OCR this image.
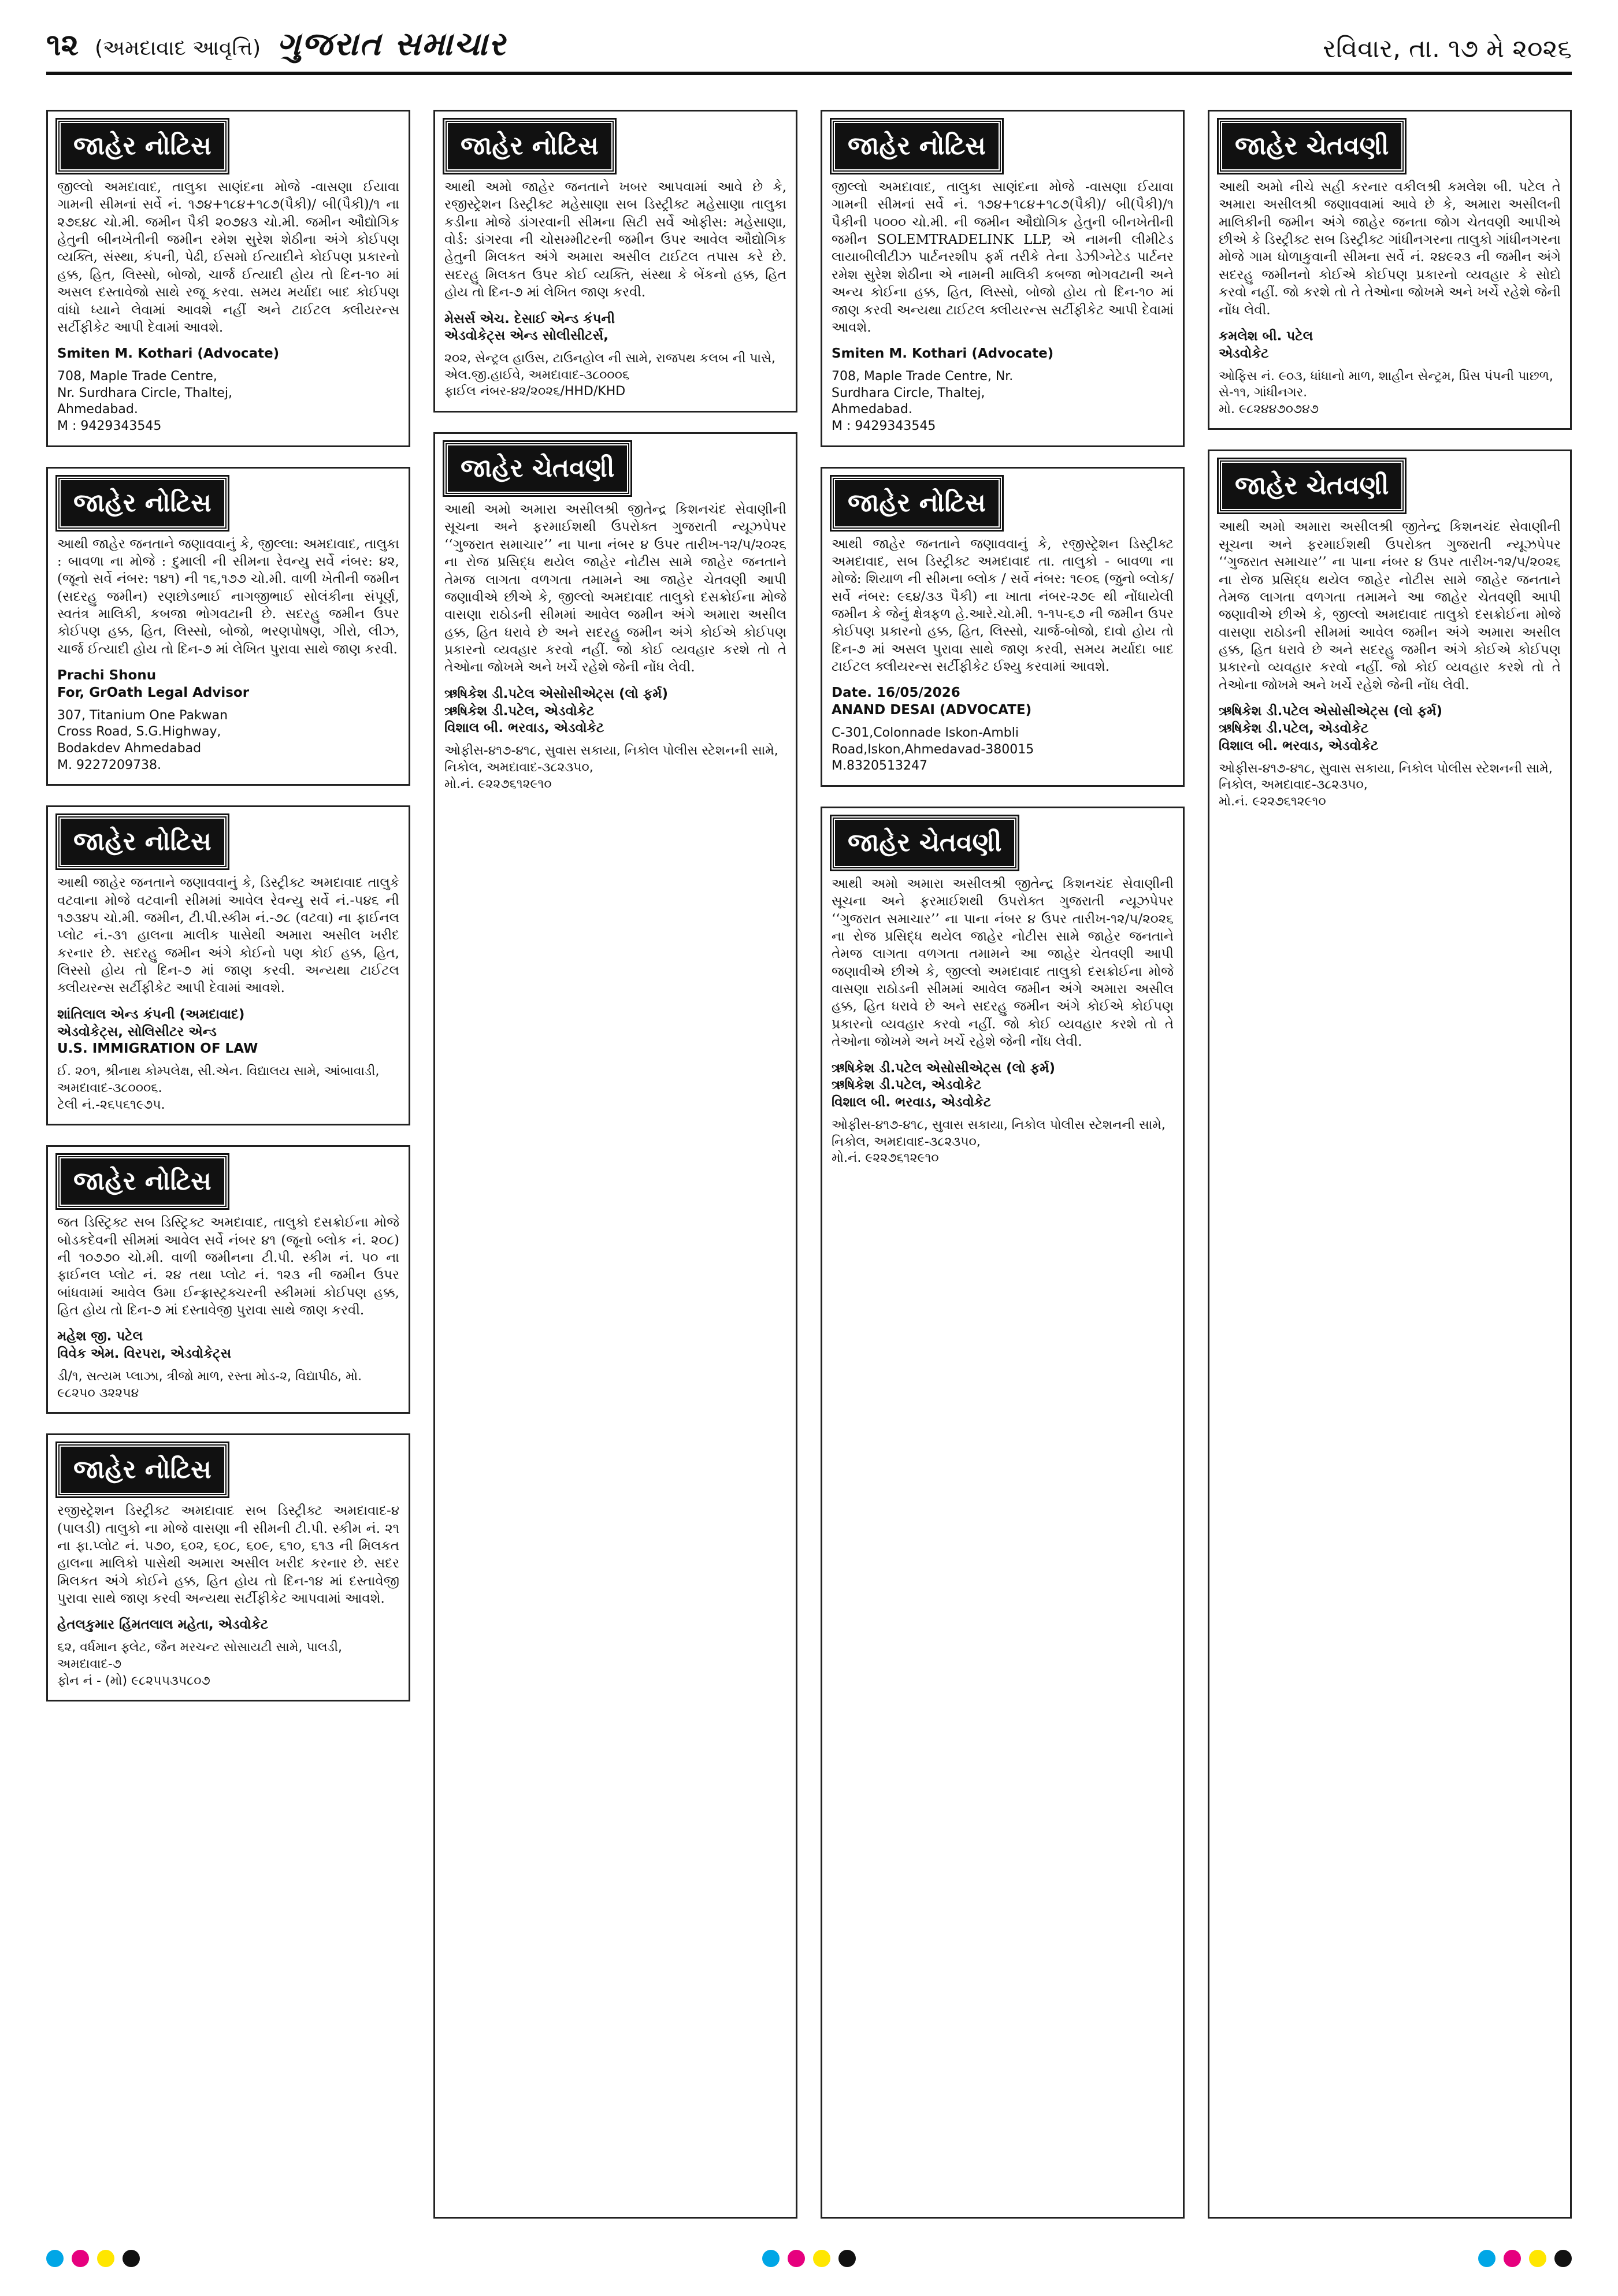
૧૨ (અમદાવાદ આવૃત્તિ) ગુજરાત સમાચાર	રવિવાર, તા. ૧૭ મે ૨૦૨૬
જાહેર નોટિસ

જીલ્લો અમદાવાદ, તાલુકા સાણંદના મોજે -વાસણા ઈયાવા ગામની સીમનાં સર્વે નં. ૧૭૪+૧૮૪+૧૮૭(પૈકી)/ બી(પૈકી)/૧ ના ૨૭૬૪૮ ચો.મી. જમીન પૈકી ૨૦૭૪૩ ચો.મી. જમીન ઔદ્યોગિક હેતુની બીનખેતીની જમીન રમેશ સુરેશ શેઠીના અંગે કોઈપણ વ્યક્તિ, સંસ્થા, કંપની, પેઢી, ઈસમો ઈત્યાદીને કોઈપણ પ્રકારનો હક્ક, હિત, લિસ્સો, બોજો, ચાર્જ ઈત્યાદી હોય તો દિન-૧૦ માં અસલ દસ્તાવેજો સાથે રજૂ કરવા. સમય મર્યાદા બાદ કોઈપણ વાંધો ધ્યાને લેવામાં આવશે નહીં અને ટાઈટલ ક્લીયરન્સ સર્ટીફીકેટ આપી દેવામાં આવશે.

Smiten M. Kothari (Advocate)

708, Maple Trade Centre,
Nr. Surdhara Circle, Thaltej,
Ahmedabad.
M : 9429343545

જાહેર નોટિસ

આથી જાહેર જનતાને જણાવવાનું કે, જીલ્લા: અમદાવાદ, તાલુકા : બાવળા ના મોજે : દુમાલી ની સીમના રેવન્યુ સર્વે નંબર: ૪૨, (જૂનો સર્વે નંબર: ૧૪૧) ની ૧૬,૧૭૭ ચો.મી. વાળી ખેતીની જમીન (સદરહુ જમીન) રણછોડભાઈ નાગજીભાઈ સોલંકીના સંપૂર્ણ, સ્વતંત્ર માલિકી, કબજા ભોગવટાની છે. સદરહુ જમીન ઉપર કોઈપણ હક્ક, હિત, લિસ્સો, બોજો, ભરણપોષણ, ગીરો, લીઝ, ચાર્જ ઈત્યાદી હોય તો દિન-૭ માં લેખિત પુરાવા સાથે જાણ કરવી.

Prachi Shonu
For, GrOath Legal Advisor

307, Titanium One Pakwan
Cross Road, S.G.Highway,
Bodakdev Ahmedabad
M. 9227209738.

જાહેર નોટિસ

આથી જાહેર જનતાને જણાવવાનું કે, ડિસ્ટ્રીક્ટ અમદાવાદ તાલુકે વટવાના મોજે વટવાની સીમમાં આવેલ રેવન્યુ સર્વે નં.-૫૪૬ ની ૧૭૩૪૫ ચો.મી. જમીન, ટી.પી.સ્કીમ નં.-૭૮ (વટવા) ના ફાઈનલ પ્લોટ નં.-૩૧ હાલના માલીક પાસેથી અમારા અસીલ ખરીદ કરનાર છે. સદરહુ જમીન અંગે કોઈનો પણ કોઈ હક્ક, હિત, લિસ્સો હોય તો દિન-૭ માં જાણ કરવી. અન્યથા ટાઈટલ ક્લીયરન્સ સર્ટીફીકેટ આપી દેવામાં આવશે.

શાંતિલાલ એન્ડ કંપની (અમદાવાદ)
એડવોકેટ્સ, સોલિસીટર એન્ડ
U.S. IMMIGRATION OF LAW

ઈ. ૨૦૧, શ્રીનાથ કોમ્પલેક્ષ, સી.એન. વિદ્યાલય સામે, આંબાવાડી,
અમદાવાદ-૩૮૦૦૦૬.
ટેલી નં.-૨૬૫૬૧૯૭૫.

જાહેર નોટિસ

જત ડિસ્ટ્રિક્ટ સબ ડિસ્ટ્રિક્ટ અમદાવાદ, તાલુકો દસક્રોઈના મોજે બોડકદેવની સીમમાં આવેલ સર્વે નંબર ૪૧ (જૂનો બ્લોક નં. ૨૦૮) ની ૧૦૭૭૦ ચો.મી. વાળી જમીનના ટી.પી. સ્કીમ નં. ૫૦ ના ફાઈનલ પ્લોટ નં. ૨૪ તથા પ્લોટ નં. ૧૨૩ ની જમીન ઉપર બાંધવામાં આવેલ ઉમા ઈન્ફ્રાસ્ટ્રક્ચરની સ્કીમમાં કોઈપણ હક્ક, હિત હોય તો દિન-૭ માં દસ્તાવેજી પુરાવા સાથે જાણ કરવી.

મહેશ જી. પટેલ
વિવેક એમ. વિરપરા, એડવોકેટ્સ

ડી/૧, સત્યમ પ્લાઝા, ત્રીજો માળ, રસ્તા મોડ-૨, વિદ્યાપીઠ, મો. ૯૮૨૫૦ ૩૨૨૫૪

જાહેર નોટિસ

રજીસ્ટ્રેશન ડિસ્ટ્રીક્ટ અમદાવાદ સબ ડિસ્ટ્રીક્ટ અમદાવાદ-૪ (પાલડી) તાલુકો ના મોજે વાસણા ની સીમની ટી.પી. સ્કીમ નં. ૨૧ ના ફા.પ્લોટ નં. ૫૭૦, ૬૦૨, ૬૦૮, ૬૦૯, ૬૧૦, ૬૧૩ ની મિલકત હાલના માલિકો પાસેથી અમારા અસીલ ખરીદ કરનાર છે. સદર મિલકત અંગે કોઈને હક્ક, હિત હોય તો દિન-૧૪ માં દસ્તાવેજી પુરાવા સાથે જાણ કરવી અન્યથા સર્ટીફીકેટ આપવામાં આવશે.

હેતલકુમાર હિંમતલાલ મહેતા, એડવોકેટ

૬૨, વર્ધમાન ફ્લેટ, જૈન મરચન્ટ સોસાયટી સામે, પાલડી, અમદાવાદ-૭
ફોન નં - (મો) ૯૮૨૫૫૩૫૮૦૭

જાહેર નોટિસ

આથી અમો જાહેર જનતાને ખબર આપવામાં આવે છે કે, રજીસ્ટ્રેશન ડિસ્ટ્રીક્ટ મહેસાણા સબ ડિસ્ટ્રીક્ટ મહેસાણા તાલુકા કડીના મોજે ડાંગરવાની સીમના સિટી સર્વે ઓફીસ: મહેસાણા, વોર્ડ: ડાંગરવા ની ચોસમ્મીટરની જમીન ઉપર આવેલ ઔદ્યોગિક હેતુની મિલકત અંગે અમારા અસીલ ટાઈટલ તપાસ કરે છે. સદરહુ મિલકત ઉપર કોઈ વ્યક્તિ, સંસ્થા કે બેંકનો હક્ક, હિત હોય તો દિન-૭ માં લેખિત જાણ કરવી.

મેસર્સ એચ. દેસાઈ એન્ડ કંપની
એડવોકેટ્સ એન્ડ સોલીસીટર્સ,

૨૦૨, સેન્ટ્રલ હાઉસ, ટાઉનહોલ ની સામે, રાજપથ કલબ ની પાસે, એલ.જી.હાઈવે, અમદાવાદ-૩૮૦૦૦૬
ફાઈલ નંબર-૪૨/૨૦૨૬/HHD/KHD

જાહેર ચેતવણી

આથી અમો અમારા અસીલશ્રી જીતેન્દ્ર કિશનચંદ સેવાણીની સૂચના અને ફરમાઈશથી ઉપરોક્ત ગુજરાતી ન્યૂઝપેપર ‘‘ગુજરાત સમાચાર’’ ના પાના નંબર ૪ ઉપર તારીખ-૧૨/૫/૨૦૨૬ ના રોજ પ્રસિદ્ધ થયેલ જાહેર નોટીસ સામે જાહેર જનતાને તેમજ લાગતા વળગતા તમામને આ જાહેર ચેતવણી આપી જણાવીએ છીએ કે, જીલ્લો અમદાવાદ તાલુકો દસક્રોઈના મોજે વાસણા રાઠોડની સીમમાં આવેલ જમીન અંગે અમારા અસીલ હક્ક, હિત ધરાવે છે અને સદરહુ જમીન અંગે કોઈએ કોઈપણ પ્રકારનો વ્યવહાર કરવો નહીં. જો કોઈ વ્યવહાર કરશે તો તે તેઓના જોખમે અને ખર્ચે રહેશે જેની નોંધ લેવી.

ઋષિકેશ ડી.પટેલ એસોસીએટ્સ (લો ફર્મ)
ઋષિકેશ ડી.પટેલ, એડવોકેટ
વિશાલ બી. ભરવાડ, એડવોકેટ

ઓફીસ-૪૧૭-૪૧૮, સુવાસ સકાયા, નિકોલ પોલીસ સ્ટેશનની સામે, નિકોલ, અમદાવાદ-૩૮૨૩૫૦,
મો.નં. ૯૨૨૭૬૧૨૯૧૦

જાહેર નોટિસ

જીલ્લો અમદાવાદ, તાલુકા સાણંદના મોજે -વાસણા ઈયાવા ગામની સીમનાં સર્વે નં. ૧૭૪+૧૮૪+૧૮૭(પૈકી)/ બી(પૈકી)/૧ પૈકીની ૫૦૦૦ ચો.મી. ની જમીન ઔદ્યોગિક હેતુની બીનખેતીની જમીન SOLEMTRADELINK LLP, એ નામની લીમીટેડ લાયાબીલીટીઝ પાર્ટનરશીપ ફર્મ તરીકે તેના ડેઝીગ્નેટેડ પાર્ટનર રમેશ સુરેશ શેઠીના એ નામની માલિકી કબજા ભોગવટાની અને અન્ય કોઈના હક્ક, હિત, લિસ્સો, બોજો હોય તો દિન-૧૦ માં જાણ કરવી અન્યથા ટાઈટલ ક્લીયરન્સ સર્ટીફીકેટ આપી દેવામાં આવશે.

Smiten M. Kothari (Advocate)

708, Maple Trade Centre, Nr.
Surdhara Circle, Thaltej,
Ahmedabad.
M : 9429343545

જાહેર નોટિસ

આથી જાહેર જનતાને જણાવવાનું કે, રજીસ્ટ્રેશન ડિસ્ટ્રીક્ટ અમદાવાદ, સબ ડિસ્ટ્રીક્ટ અમદાવાદ તા. તાલુકો - બાવળા ના મોજે: શિયાળ ની સીમના બ્લોક / સર્વે નંબર: ૧૯૦૬ (જુનો બ્લોક/સર્વે નંબર: ૯૬૪/૩૩ પૈકી) ના ખાતા નંબર-૨૭૯ થી નોંધાયેલી જમીન કે જેનું ક્ષેત્રફળ હે.આરે.ચો.મી. ૧-૧૫-૬૭ ની જમીન ઉપર કોઈપણ પ્રકારનો હક્ક, હિત, લિસ્સો, ચાર્જ-બોજો, દાવો હોય તો દિન-૭ માં અસલ પુરાવા સાથે જાણ કરવી, સમય મર્યાદા બાદ ટાઈટલ ક્લીયરન્સ સર્ટીફીકેટ ઈશ્યુ કરવામાં આવશે.

Date. 16/05/2026
ANAND DESAI (ADVOCATE)

C-301,Colonnade Iskon-Ambli
Road,Iskon,Ahmedavad-380015
M.8320513247

જાહેર ચેતવણી

આથી અમો અમારા અસીલશ્રી જીતેન્દ્ર કિશનચંદ સેવાણીની સૂચના અને ફરમાઈશથી ઉપરોક્ત ગુજરાતી ન્યૂઝપેપર ‘‘ગુજરાત સમાચાર’’ ના પાના નંબર ૪ ઉપર તારીખ-૧૨/૫/૨૦૨૬ ના રોજ પ્રસિદ્ધ થયેલ જાહેર નોટીસ સામે જાહેર જનતાને તેમજ લાગતા વળગતા તમામને આ જાહેર ચેતવણી આપી જણાવીએ છીએ કે, જીલ્લો અમદાવાદ તાલુકો દસક્રોઈના મોજે વાસણા રાઠોડની સીમમાં આવેલ જમીન અંગે અમારા અસીલ હક્ક, હિત ધરાવે છે અને સદરહુ જમીન અંગે કોઈએ કોઈપણ પ્રકારનો વ્યવહાર કરવો નહીં. જો કોઈ વ્યવહાર કરશે તો તે તેઓના જોખમે અને ખર્ચે રહેશે જેની નોંધ લેવી.

ઋષિકેશ ડી.પટેલ એસોસીએટ્સ (લો ફર્મ)
ઋષિકેશ ડી.પટેલ, એડવોકેટ
વિશાલ બી. ભરવાડ, એડવોકેટ

ઓફીસ-૪૧૭-૪૧૮, સુવાસ સકાયા, નિકોલ પોલીસ સ્ટેશનની સામે, નિકોલ, અમદાવાદ-૩૮૨૩૫૦,
મો.નં. ૯૨૨૭૬૧૨૯૧૦

જાહેર ચેતવણી

આથી અમો નીચે સહી કરનાર વકીલશ્રી કમલેશ બી. પટેલ તે અમારા અસીલશ્રી જણાવવામાં આવે છે કે, અમારા અસીલની માલિકીની જમીન અંગે જાહેર જનતા જોગ ચેતવણી આપીએ છીએ કે ડિસ્ટ્રીક્ટ સબ ડિસ્ટ્રીક્ટ ગાંધીનગરના તાલુકો ગાંધીનગરના મોજે ગામ ધોળાકુવાની સીમના સર્વે નં. ૨૪૯૨૩ ની જમીન અંગે સદરહુ જમીનનો કોઈએ કોઈપણ પ્રકારનો વ્યવહાર કે સોદો કરવો નહીં. જો કરશે તો તે તેઓના જોખમે અને ખર્ચે રહેશે જેની નોંધ લેવી.

કમલેશ બી. પટેલ
એડવોકેટ

ઓફિસ નં. ૯૦૩, ધાંધાનો માળ, શાહીન સેન્ટ્રમ, પ્રિંસ પંપની પાછળ, સે-૧૧, ગાંધીનગર.
મો. ૯૮૨૪૪૭૦૭૪૭

જાહેર ચેતવણી

આથી અમો અમારા અસીલશ્રી જીતેન્દ્ર કિશનચંદ સેવાણીની સૂચના અને ફરમાઈશથી ઉપરોક્ત ગુજરાતી ન્યૂઝપેપર ‘‘ગુજરાત સમાચાર’’ ના પાના નંબર ૪ ઉપર તારીખ-૧૨/૫/૨૦૨૬ ના રોજ પ્રસિદ્ધ થયેલ જાહેર નોટીસ સામે જાહેર જનતાને તેમજ લાગતા વળગતા તમામને આ જાહેર ચેતવણી આપી જણાવીએ છીએ કે, જીલ્લો અમદાવાદ તાલુકો દસક્રોઈના મોજે વાસણા રાઠોડની સીમમાં આવેલ જમીન અંગે અમારા અસીલ હક્ક, હિત ધરાવે છે અને સદરહુ જમીન અંગે કોઈએ કોઈપણ પ્રકારનો વ્યવહાર કરવો નહીં. જો કોઈ વ્યવહાર કરશે તો તે તેઓના જોખમે અને ખર્ચે રહેશે જેની નોંધ લેવી.

ઋષિકેશ ડી.પટેલ એસોસીએટ્સ (લો ફર્મ)
ઋષિકેશ ડી.પટેલ, એડવોકેટ
વિશાલ બી. ભરવાડ, એડવોકેટ

ઓફીસ-૪૧૭-૪૧૮, સુવાસ સકાયા, નિકોલ પોલીસ સ્ટેશનની સામે, નિકોલ, અમદાવાદ-૩૮૨૩૫૦,
મો.નં. ૯૨૨૭૬૧૨૯૧૦
